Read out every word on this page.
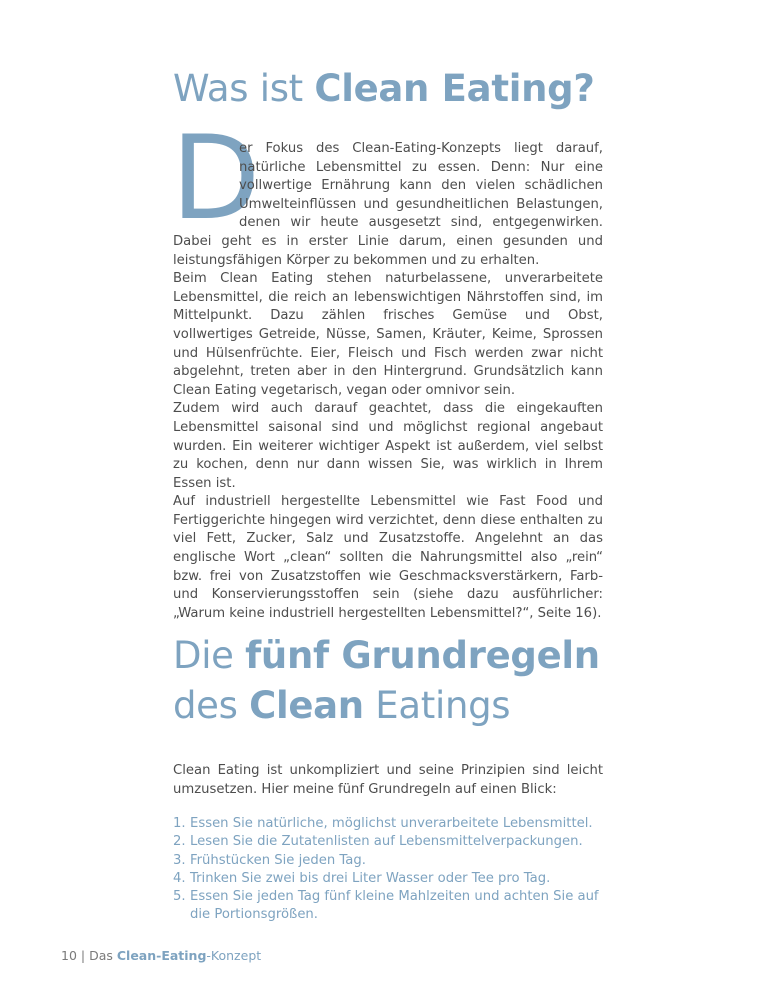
Was ist Clean Eating?
D

er Fokus des Clean-Eating-Konzepts liegt darauf, natürliche Lebensmittel zu essen. Denn: Nur eine vollwertige Ernährung kann den vielen schädlichen Umwelteinflüssen und gesundheitlichen Belastungen, denen wir heute ausgesetzt sind, entgegenwirken. Dabei geht es in erster Linie darum, einen gesunden und leistungsfähigen Körper zu bekommen und zu erhalten.

Beim Clean Eating stehen naturbelassene, unverarbeitete Lebensmittel, die reich an lebenswichtigen Nährstoffen sind, im Mittelpunkt. Dazu zählen frisches Gemüse und Obst, vollwertiges Getreide, Nüsse, Samen, Kräuter, Keime, Sprossen und Hülsenfrüchte. Eier, Fleisch und Fisch werden zwar nicht abgelehnt, treten aber in den Hintergrund. Grundsätzlich kann Clean Eating vegetarisch, vegan oder omnivor sein.

Zudem wird auch darauf geachtet, dass die eingekauften Lebensmittel saisonal sind und möglichst regional angebaut wurden. Ein weiterer wichtiger Aspekt ist außerdem, viel selbst zu kochen, denn nur dann wissen Sie, was wirklich in Ihrem Essen ist.

Auf industriell hergestellte Lebensmittel wie Fast Food und Fertiggerichte hingegen wird verzichtet, denn diese enthalten zu viel Fett, Zucker, Salz und Zusatzstoffe. Angelehnt an das englische Wort „clean“ sollten die Nahrungsmittel also „rein“ bzw. frei von Zusatzstoffen wie Geschmacksverstärkern, Farb- und Konservierungsstoffen sein (siehe dazu ausführlicher: „Warum keine industriell hergestellten Lebensmittel?“, Seite 16).

Die fünf Grundregeln
des Clean Eatings

Clean Eating ist unkompliziert und seine Prinzipien sind leicht umzusetzen. Hier meine fünf Grundregeln auf einen Blick:

1. Essen Sie natürliche, möglichst unverarbeitete Lebensmittel.
2. Lesen Sie die Zutatenlisten auf Lebensmittelverpackungen.
3. Frühstücken Sie jeden Tag.
4. Trinken Sie zwei bis drei Liter Wasser oder Tee pro Tag.
5. Essen Sie jeden Tag fünf kleine Mahlzeiten und achten Sie auf die Portionsgrößen.
10 | Das Clean-Eating-Konzept
